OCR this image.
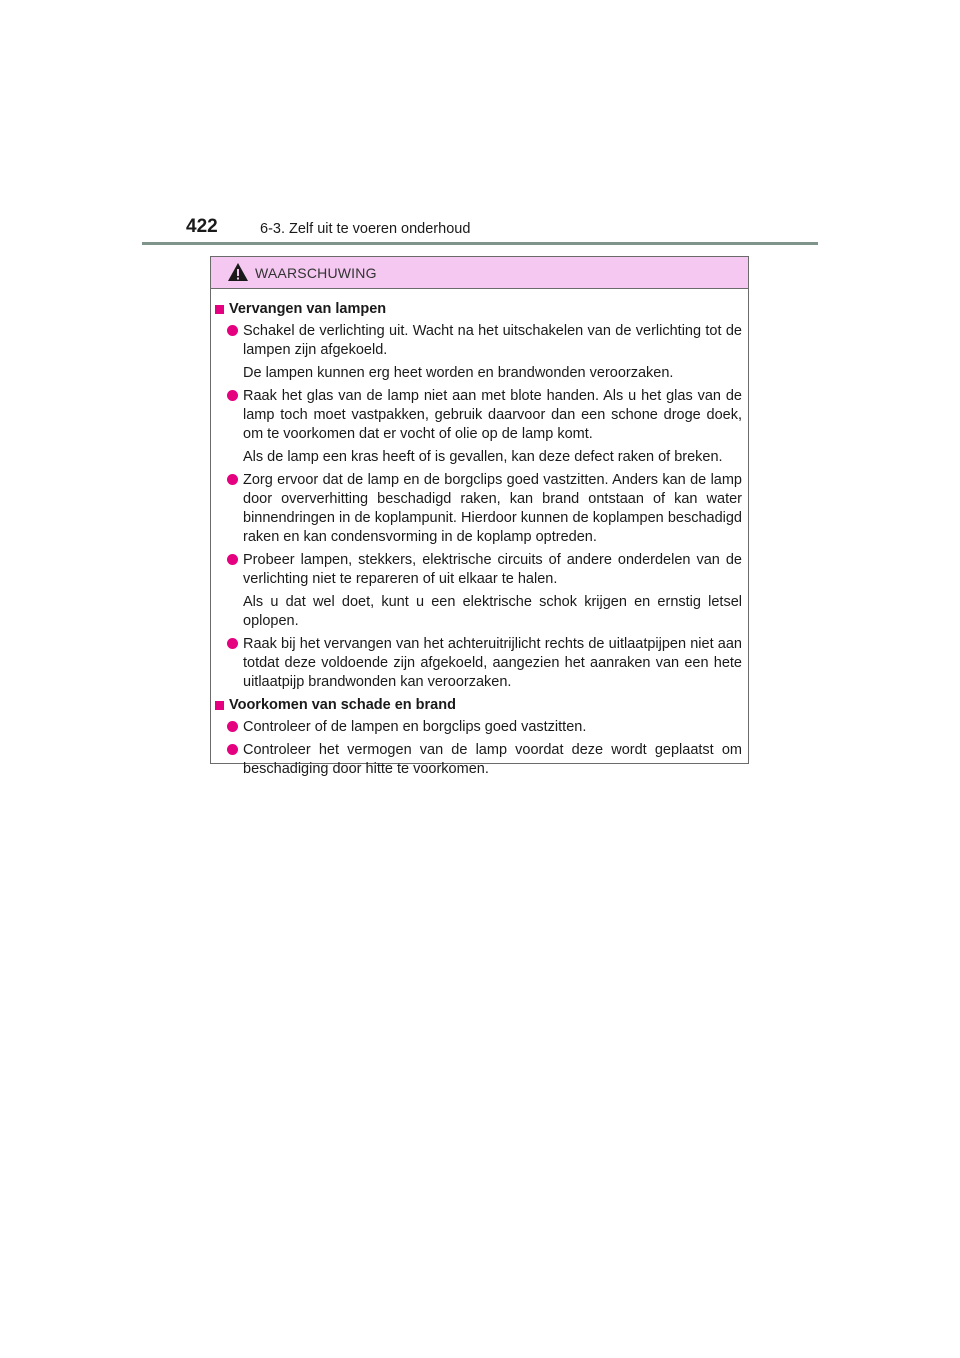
422	6-3. Zelf uit te voeren onderhoud
WAARSCHUWING
Vervangen van lampen
Schakel de verlichting uit. Wacht na het uitschakelen van de verlichting tot de lampen zijn afgekoeld.
De lampen kunnen erg heet worden en brandwonden veroorzaken.
Raak het glas van de lamp niet aan met blote handen. Als u het glas van de lamp toch moet vastpakken, gebruik daarvoor dan een schone droge doek, om te voorkomen dat er vocht of olie op de lamp komt.
Als de lamp een kras heeft of is gevallen, kan deze defect raken of breken.
Zorg ervoor dat de lamp en de borgclips goed vastzitten. Anders kan de lamp door oververhitting beschadigd raken, kan brand ontstaan of kan water binnendringen in de koplampunit. Hierdoor kunnen de koplampen beschadigd raken en kan condensvorming in de koplamp optreden.
Probeer lampen, stekkers, elektrische circuits of andere onderdelen van de verlichting niet te repareren of uit elkaar te halen.
Als u dat wel doet, kunt u een elektrische schok krijgen en ernstig letsel oplopen.
Raak bij het vervangen van het achteruitrijlicht rechts de uitlaatpijpen niet aan totdat deze voldoende zijn afgekoeld, aangezien het aanraken van een hete uitlaatpijp brandwonden kan veroorzaken.
Voorkomen van schade en brand
Controleer of de lampen en borgclips goed vastzitten.
Controleer het vermogen van de lamp voordat deze wordt geplaatst om beschadiging door hitte te voorkomen.
